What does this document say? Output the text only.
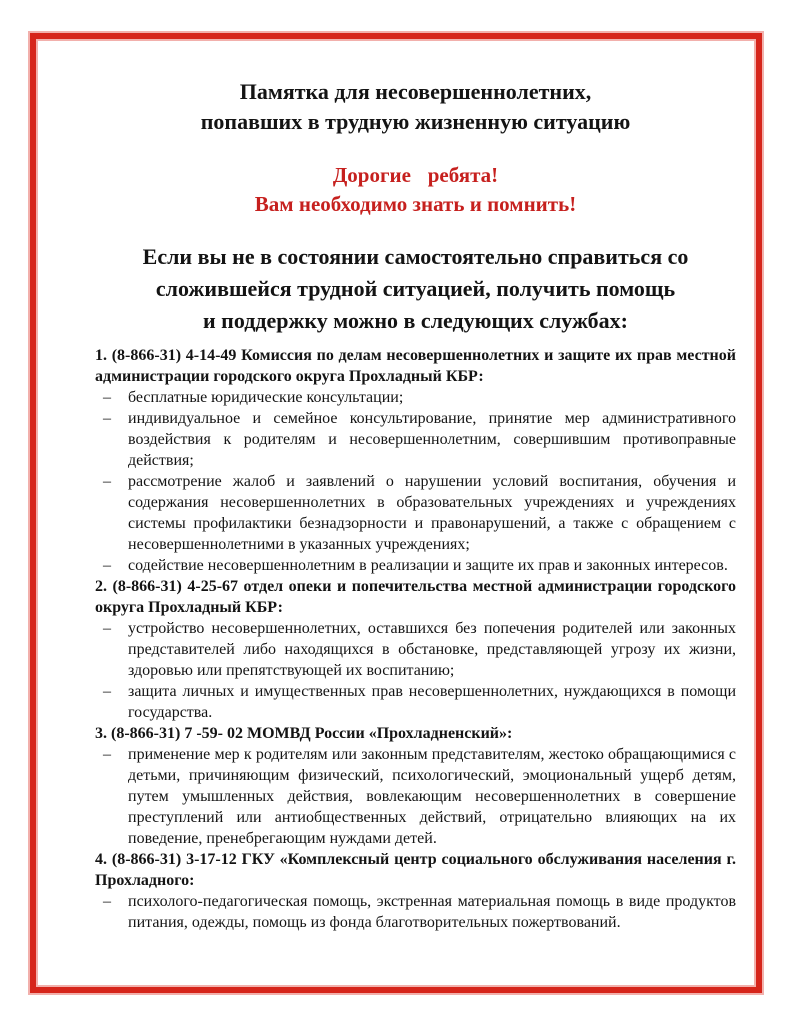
Памятка для несовершеннолетних,
попавших в трудную жизненную ситуацию
Дорогие ребята!
Вам необходимо знать и помнить!
Если вы не в состоянии самостоятельно справиться со
сложившейся трудной ситуацией, получить помощь
и поддержку можно в следующих службах:

1. (8-866-31) 4-14-49 Комиссия по делам несовершеннолетних и защите их прав местной администрации городского округа Прохладный КБР:

–	бесплатные юридические консультации;
–	индивидуальное и семейное консультирование, принятие мер административного воздействия к родителям и несовершеннолетним, совершившим противоправные действия;
–	рассмотрение жалоб и заявлений о нарушении условий воспитания, обучения и содержания несовершеннолетних в образовательных учреждениях и учреждениях системы профилактики безнадзорности и правонарушений, а также с обращением с несовершеннолетними в указанных учреждениях;
–	содействие несовершеннолетним в реализации и защите их прав и законных интересов.

2. (8-866-31) 4-25-67 отдел опеки и попечительства местной администрации городского округа Прохладный КБР:

–	устройство несовершеннолетних, оставшихся без попечения родителей или законных представителей либо находящихся в обстановке, представляющей угрозу их жизни, здоровью или препятствующей их воспитанию;
–	защита личных и имущественных прав несовершеннолетних, нуждающихся в помощи государства.

3. (8-866-31) 7 -59- 02 МОМВД России «Прохладненский»:

–	применение мер к родителям или законным представителям, жестоко обращающимися с детьми, причиняющим физический, психологический, эмоциональный ущерб детям, путем умышленных действия, вовлекающим несовершеннолетних в совершение преступлений или антиобщественных действий, отрицательно влияющих на их поведение, пренебрегающим нуждами детей.

4. (8-866-31) 3-17-12 ГКУ «Комплексный центр социального обслуживания населения г. Прохладного:

–	психолого-педагогическая помощь, экстренная материальная помощь в виде продуктов питания, одежды, помощь из фонда благотворительных пожертвований.
